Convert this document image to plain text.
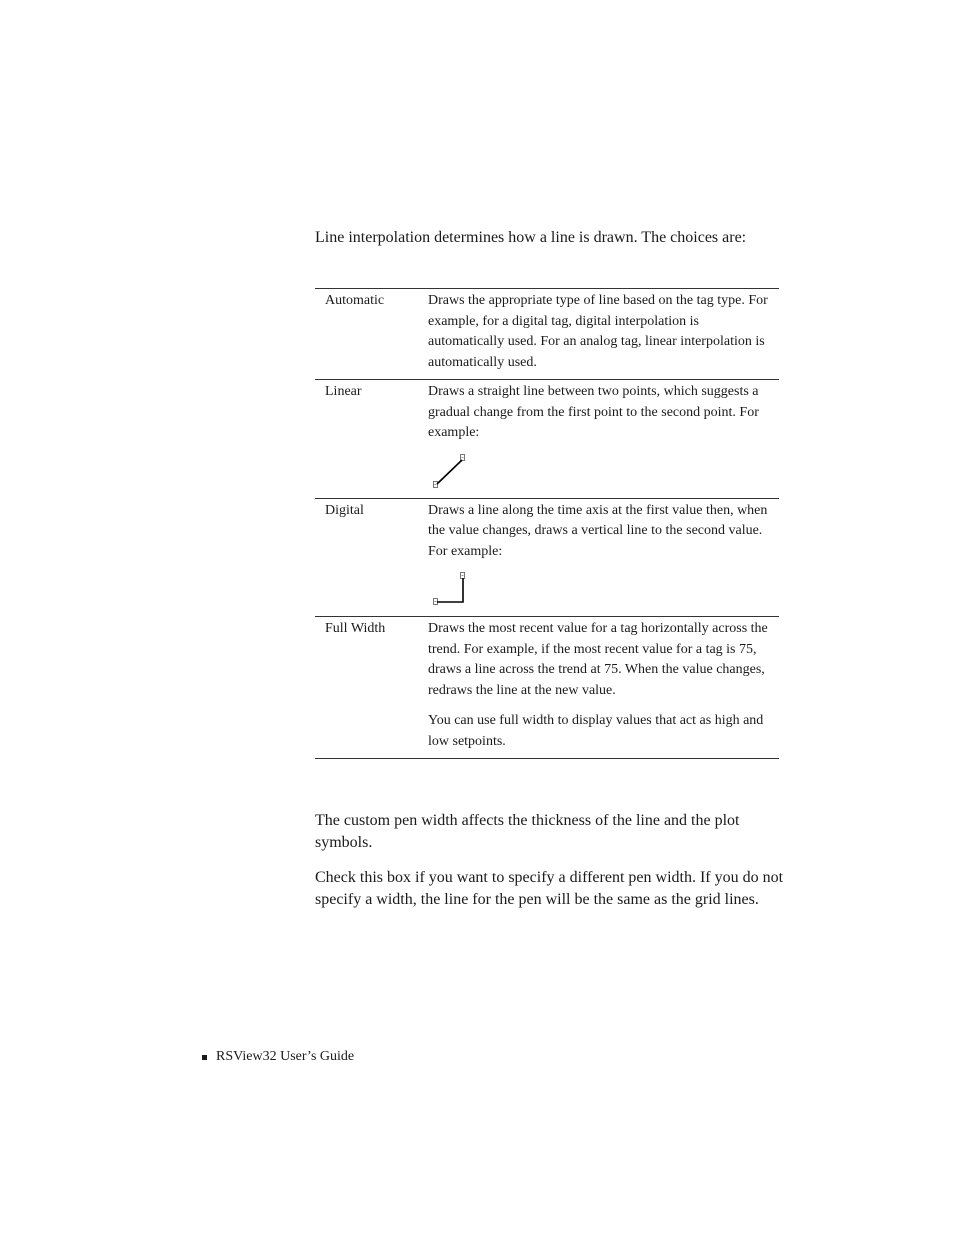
Line interpolation determines how a line is drawn. The choices are:

Automatic	Draws the appropriate type of line based on the tag type. For example, for a digital tag, digital interpolation is automatically used. For an analog tag, linear interpolation is automatically used.

Linear	Draws a straight line between two points, which suggests a gradual change from the first point to the second point. For example:

Digital	Draws a line along the time axis at the first value then, when the value changes, draws a vertical line to the second value. For example:

Full Width	Draws the most recent value for a tag horizontally across the trend. For example, if the most recent value for a tag is 75, draws a line across the trend at 75. When the value changes, redraws the line at the new value.

You can use full width to display values that act as high and low setpoints.

The custom pen width affects the thickness of the line and the plot symbols.

Check this box if you want to specify a different pen width. If you do not specify a width, the line for the pen will be the same as the grid lines.

RSView32 User’s Guide
